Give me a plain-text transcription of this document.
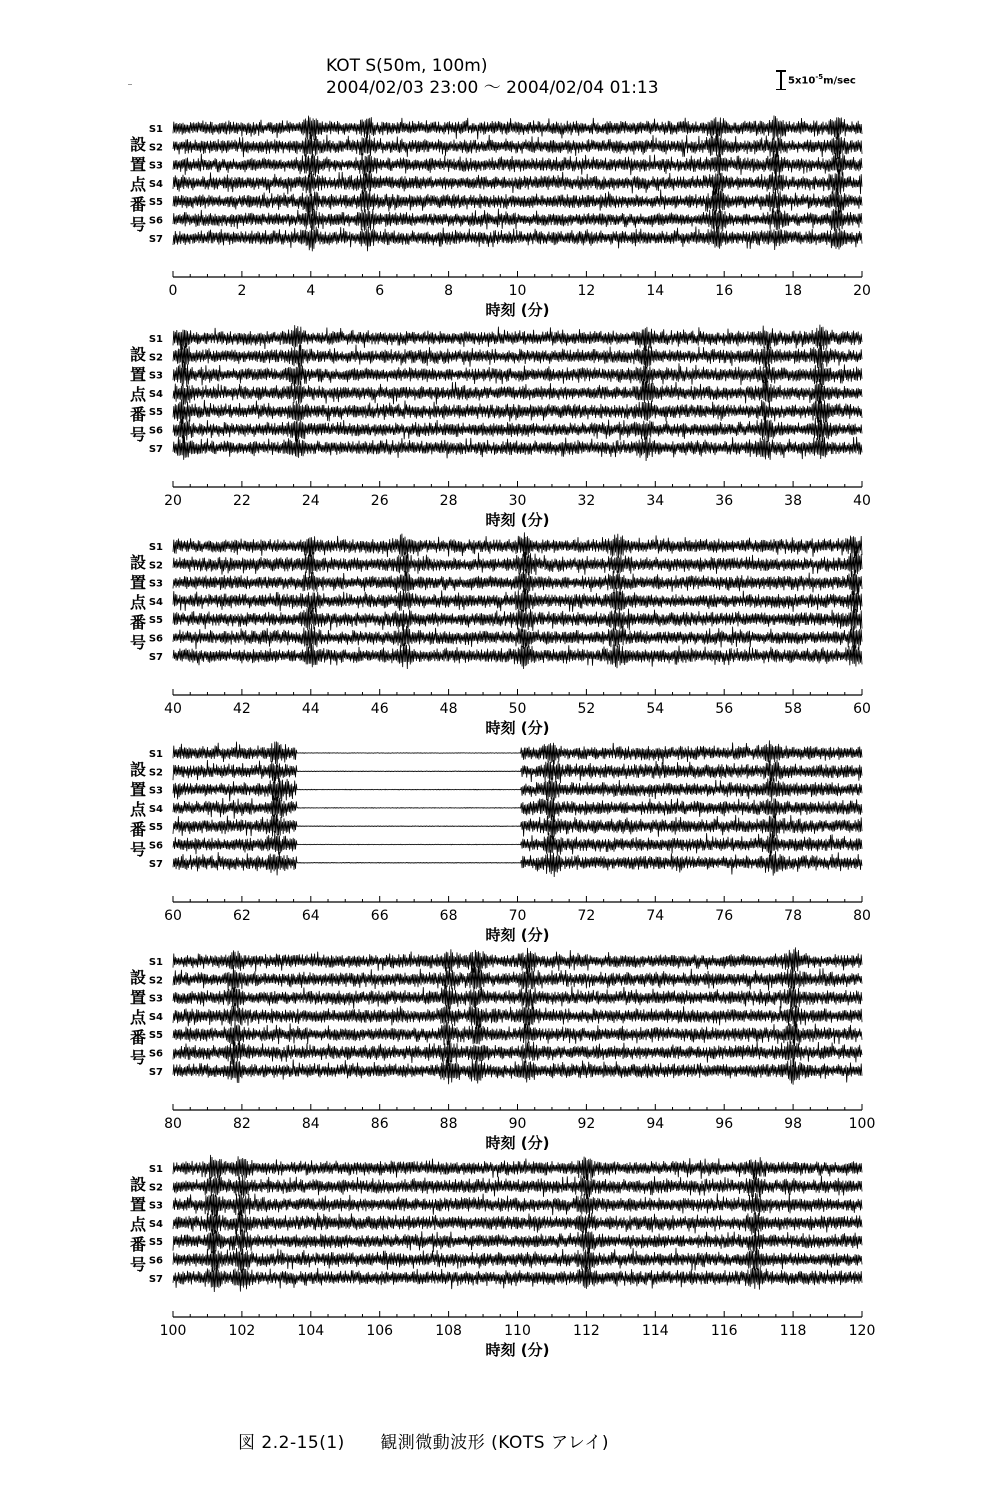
KOT S(50m, 100m)
2004/02/03 23:00 ～ 2004/02/04 01:13	$5x10^{-5}m/\sec$
S1
S2
S3
S4
S5
S6
S7
設
置
点
番
号
0	2	4	6	8	10	12	14	16	18	20
時刻 (分)
S1
S2
S3
S4
S5
S6
S7
設
置
点
番
号
20	22	24	26	28	30	32	34	36	38	40
時刻 (分)
S1
S2
S3
S4
S5
S6
S7
設
置
点
番
号
40	42	44	46	48	50	52	54	56	58	60
時刻 (分)
S1
S2
S3
S4
S5
S6
S7
設
置
点
番
号
60	62	64	66	68	70	72	74	76	78	80
時刻 (分)
S1
S2
S3
S4
S5
S6
S7
設
置
点
番
号
80	82	84	86	88	90	92	94	96	98	100
時刻 (分)
S1
S2
S3
S4
S5
S6
S7
設
置
点
番
号
100	102	104	106	108	110	112	114	116	118	120
時刻 (分)
図 2.2-15(1) 観測微動波形 (KOTS アレイ)
